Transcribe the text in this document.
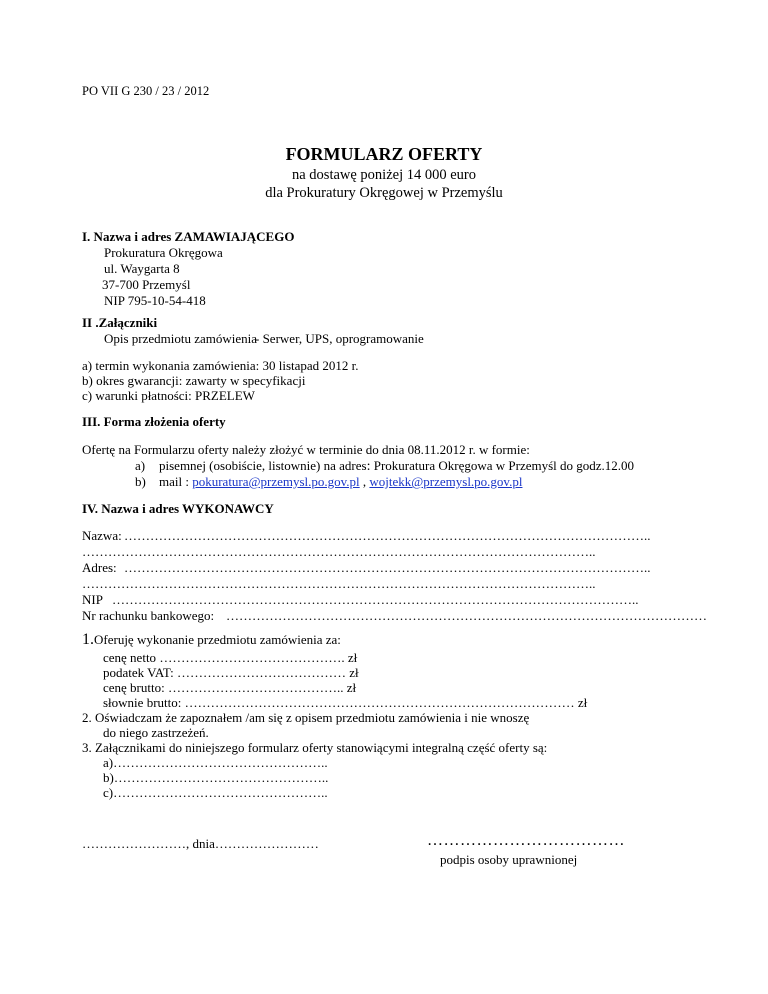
PO VII G 230 / 23 / 2012
FORMULARZ OFERTY
na dostawę poniżej 14 000 euro
dla Prokuratury Okręgowej w Przemyślu
I. Nazwa i adres ZAMAWIAJĄCEGO
Prokuratura Okręgowa
ul. Waygarta 8
37-700 Przemyśl
NIP 795-10-54-418
II .Załączniki
Opis przedmiotu zamówienia
- Serwer, UPS, oprogramowanie
a) termin wykonania zamówienia: 30 listapad 2012 r.
b) okres gwarancji: zawarty w specyfikacji
c) warunki płatności: PRZELEW
III. Forma złożenia oferty
Ofertę na Formularzu oferty należy złożyć w terminie do dnia 08.11.2012 r. w formie:
a) pisemnej (osobiście, listownie) na adres: Prokuratura Okręgowa w Przemyśl do godz.12.00
b) mail : pokuratura@przemysl.po.gov.pl , wojtekk@przemysl.po.gov.pl
IV. Nazwa i adres WYKONAWCY
Nazwa: …………………………………………………………………………………………………………..
………………………………………………………………………………………………………..
Adres: …………………………………………………………………………………………………………..
………………………………………………………………………………………………………..
NIP …………………………………………………………………………………………………………..
Nr rachunku bankowego: …………………………………………………………………………………………………
1.Oferuję wykonanie przedmiotu zamówienia za:
cenę netto ……………………………………. zł
podatek VAT: ………………………………… zł
cenę brutto: ………………………………….. zł
słownie brutto: ……………………………………………………………………………… zł
2. Oświadczam że zapoznałem /am się z opisem przedmiotu zamówienia i nie wnoszę
do niego zastrzeżeń.
3. Załącznikami do niniejszego formularz oferty stanowiącymi integralną część oferty są:
a)…………………………………………..
b)…………………………………………..
c)…………………………………………..
……………………, dnia……………………	………………………………
podpis osoby uprawnionej
